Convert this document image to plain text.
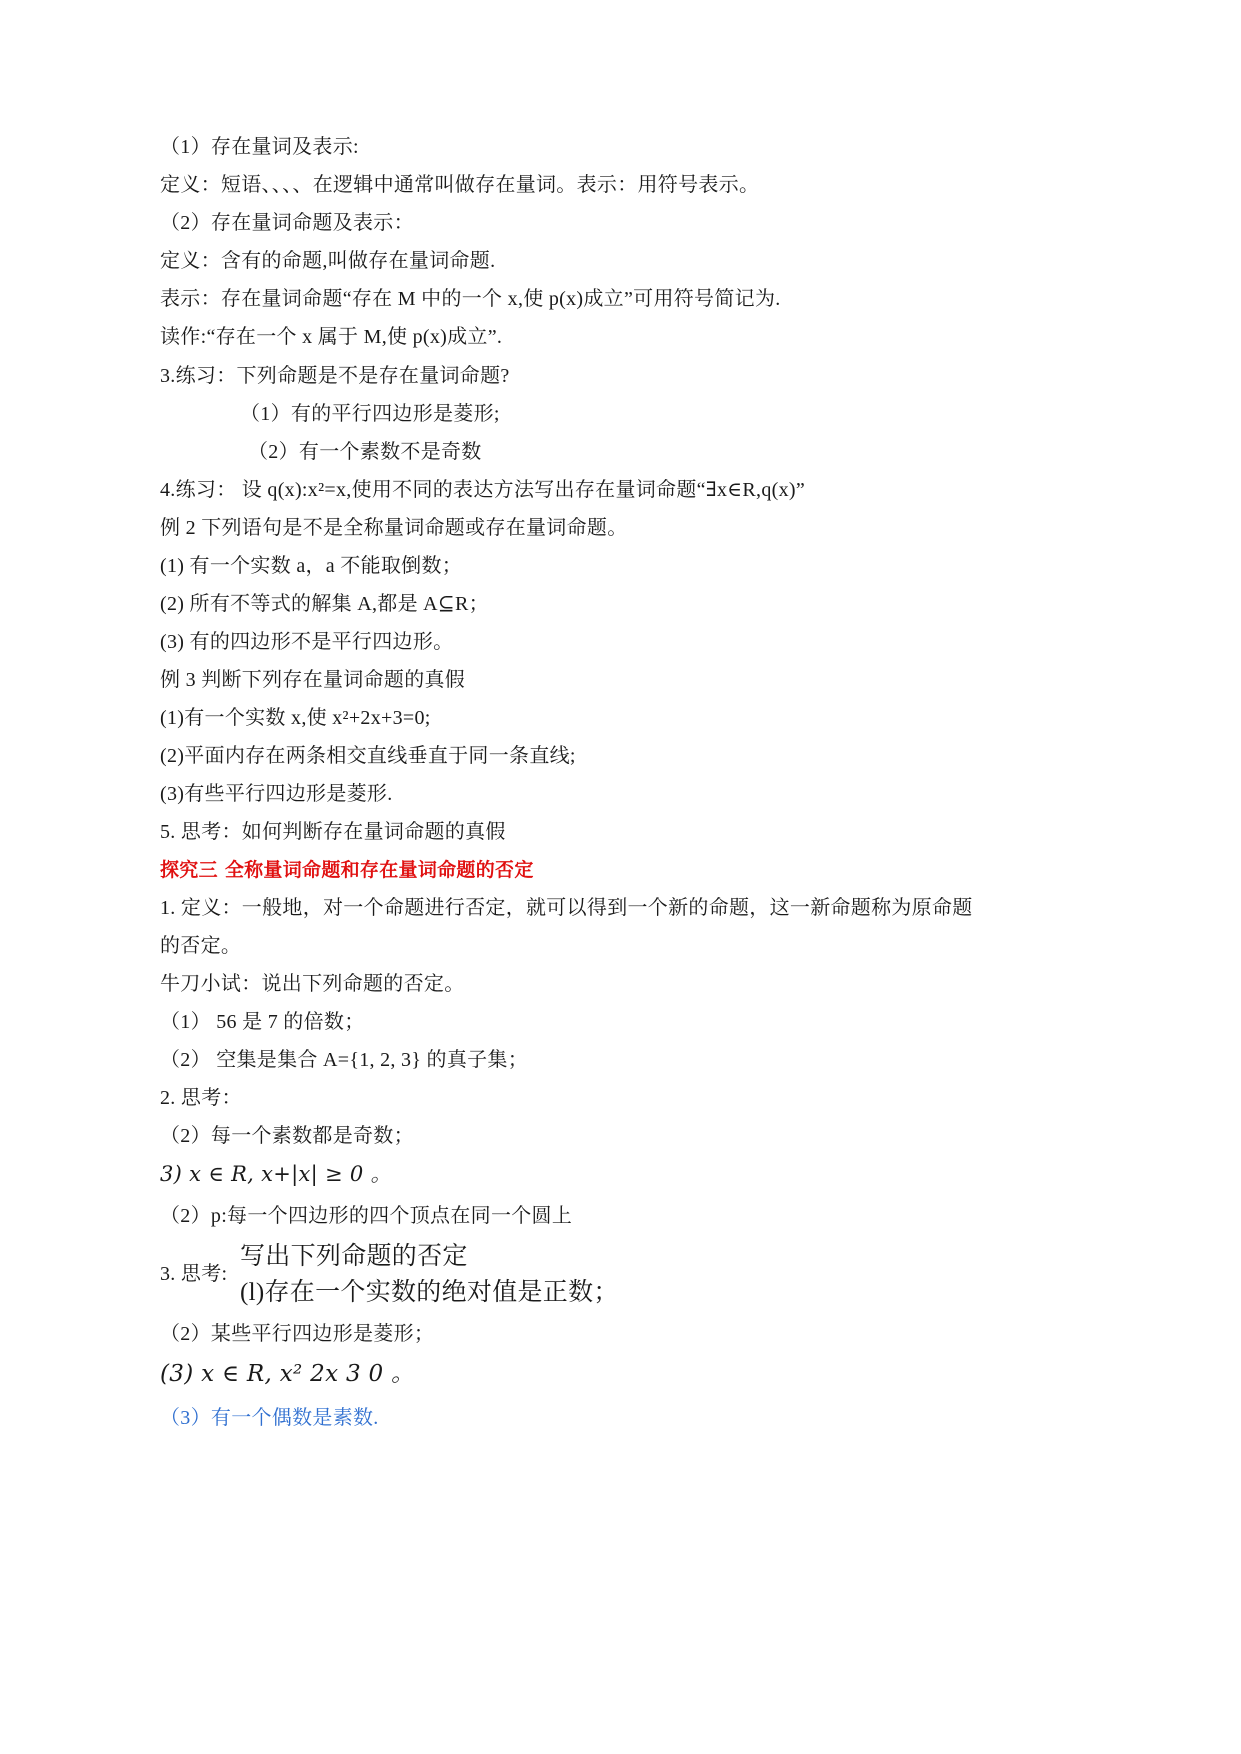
（1）存在量词及表示:
定义：短语、、、、在逻辑中通常叫做存在量词。表示：用符号表示。
（2）存在量词命题及表示：
定义：含有的命题,叫做存在量词命题.
表示：存在量词命题“存在 M 中的一个 x,使 p(x)成立”可用符号简记为.
读作:“存在一个 x 属于 M,使 p(x)成立”.
3.练习：下列命题是不是存在量词命题?
（1）有的平行四边形是菱形;
（2）有一个素数不是奇数
4.练习： 设 q(x):x²=x,使用不同的表达方法写出存在量词命题“∃x∈R,q(x)”
例 2 下列语句是不是全称量词命题或存在量词命题。
(1) 有一个实数 a，a 不能取倒数；
(2) 所有不等式的解集 A,都是 A⊆R；
(3) 有的四边形不是平行四边形。
例 3 判断下列存在量词命题的真假
(1)有一个实数 x,使 x²+2x+3=0;
(2)平面内存在两条相交直线垂直于同一条直线;
(3)有些平行四边形是菱形.
5. 思考：如何判断存在量词命题的真假
探究三 全称量词命题和存在量词命题的否定
1. 定义：一般地，对一个命题进行否定，就可以得到一个新的命题，这一新命题称为原命题
的否定。
牛刀小试：说出下列命题的否定。
（1） 56 是 7 的倍数；
（2） 空集是集合 A={1, 2, 3} 的真子集；
2. 思考：
（2）每一个素数都是奇数；
3) x ∈ R, x+|x| ≥ 0 。
（2）p:每一个四边形的四个顶点在同一个圆上
3. 思考:
写出下列命题的否定
(l)存在一个实数的绝对值是正数；
（2）某些平行四边形是菱形；
(3) x ∈ R, x² 2x 3 0 。
（3）有一个偶数是素数.
